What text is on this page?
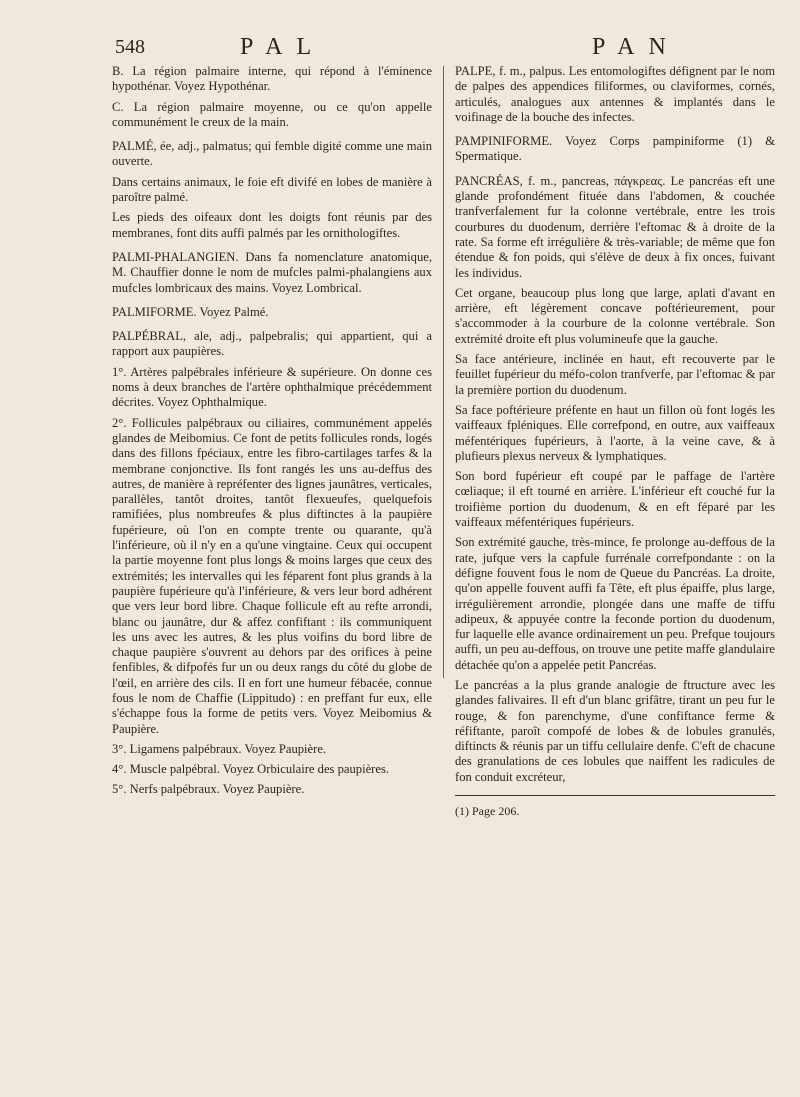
548	PAL	PAN

B. La région palmaire interne, qui répond à l'éminence hypothénar. Voyez Hypothénar.

C. La région palmaire moyenne, ou ce qu'on appelle communément le creux de la main.

PALMÉ, ée, adj., palmatus; qui femble digité comme une main ouverte.

Dans certains animaux, le foie eft divifé en lobes de manière à paroître palmé.

Les pieds des oifeaux dont les doigts font réunis par des membranes, font dits auffi palmés par les ornithologiftes.

PALMI-PHALANGIEN. Dans fa nomenclature anatomique, M. Chauffier donne le nom de mufcles palmi-phalangiens aux mufcles lombricaux des mains. Voyez Lombrical.

PALMIFORME. Voyez Palmé.

PALPÉBRAL, ale, adj., palpebralis; qui appartient, qui a rapport aux paupières.

1°. Artères palpébrales inférieure & supérieure. On donne ces noms à deux branches de l'artère ophthalmique précédemment décrites. Voyez Ophthalmique.

2°. Follicules palpébraux ou ciliaires, communément appelés glandes de Meibomius. Ce font de petits follicules ronds, logés dans des fillons fpéciaux, entre les fibro-cartilages tarfes & la membrane conjonctive. Ils font rangés les uns au-deffus des autres, de manière à repréfenter des lignes jaunâtres, verticales, parallèles, tantôt droites, tantôt flexueufes, quelquefois ramifiées, plus nombreufes & plus diftinctes à la paupière fupérieure, où l'on en compte trente ou quarante, qu'à l'inférieure, où il n'y en a qu'une vingtaine. Ceux qui occupent la partie moyenne font plus longs & moins larges que ceux des extrémités; les intervalles qui les féparent font plus grands à la paupière fupérieure qu'à l'inférieure, & vers leur bord adhérent que vers leur bord libre. Chaque follicule eft au refte arrondi, blanc ou jaunâtre, dur & affez confiftant : ils communiquent les uns avec les autres, & les plus voifins du bord libre de chaque paupière s'ouvrent au dehors par des orifices à peine fenfibles, & difpofés fur un ou deux rangs du côté du globe de l'œil, en arrière des cils. Il en fort une humeur fébacée, connue fous le nom de Chaffie (Lippitudo) : en preffant fur eux, elle s'échappe fous la forme de petits vers. Voyez Meibomius & Paupière.

3°. Ligamens palpébraux. Voyez Paupière.

4°. Muscle palpébral. Voyez Orbiculaire des paupières.

5°. Nerfs palpébraux. Voyez Paupière.

PALPE, f. m., palpus. Les entomologiftes défignent par le nom de palpes des appendices filiformes, ou claviformes, cornés, articulés, analogues aux antennes & implantés dans le voifinage de la bouche des infectes.

PAMPINIFORME. Voyez Corps pampiniforme (1) & Spermatique.

PANCRÉAS, f. m., pancreas, πάγκρεας. Le pancréas eft une glande profondément fituée dans l'abdomen, & couchée tranfverfalement fur la colonne vertébrale, entre les trois courbures du duodenum, derrière l'eftomac & à droite de la rate. Sa forme eft irrégulière & très-variable; de même que fon étendue & fon poids, qui s'élève de deux à fix onces, fuivant les individus.

Cet organe, beaucoup plus long que large, aplati d'avant en arrière, eft légèrement concave poftérieurement, pour s'accommoder à la courbure de la colonne vertébrale. Son extrémité droite eft plus volumineufe que la gauche.

Sa face antérieure, inclinée en haut, eft recouverte par le feuillet fupérieur du méfo-colon tranfverfe, par l'eftomac & par la première portion du duodenum.

Sa face poftérieure préfente en haut un fillon où font logés les vaiffeaux fpléniques. Elle correfpond, en outre, aux vaiffeaux méfentériques fupérieurs, à l'aorte, à la veine cave, & à plufieurs plexus nerveux & lymphatiques.

Son bord fupérieur eft coupé par le paffage de l'artère cœliaque; il eft tourné en arrière. L'inférieur eft couché fur la troifième portion du duodenum, & en eft féparé par les vaiffeaux méfentériques fupérieurs.

Son extrémité gauche, très-mince, fe prolonge au-deffous de la rate, jufque vers la capfule furrénale correfpondante : on la défigne fouvent fous le nom de Queue du Pancréas. La droite, qu'on appelle fouvent auffi fa Tête, eft plus épaiffe, plus large, irrégulièrement arrondie, plongée dans une maffe de tiffu adipeux, & appuyée contre la feconde portion du duodenum, fur laquelle elle avance ordinairement un peu. Prefque toujours auffi, un peu au-deffous, on trouve une petite maffe glandulaire détachée qu'on a appelée petit Pancréas.

Le pancréas a la plus grande analogie de ftructure avec les glandes falivaires. Il eft d'un blanc grifâtre, tirant un peu fur le rouge, & fon parenchyme, d'une confiftance ferme & réfiftante, paroît compofé de lobes & de lobules granulés, diftincts & réunis par un tiffu cellulaire denfe. C'eft de chacune des granulations de ces lobules que naiffent les radicules de fon conduit excréteur,

(1) Page 206.
